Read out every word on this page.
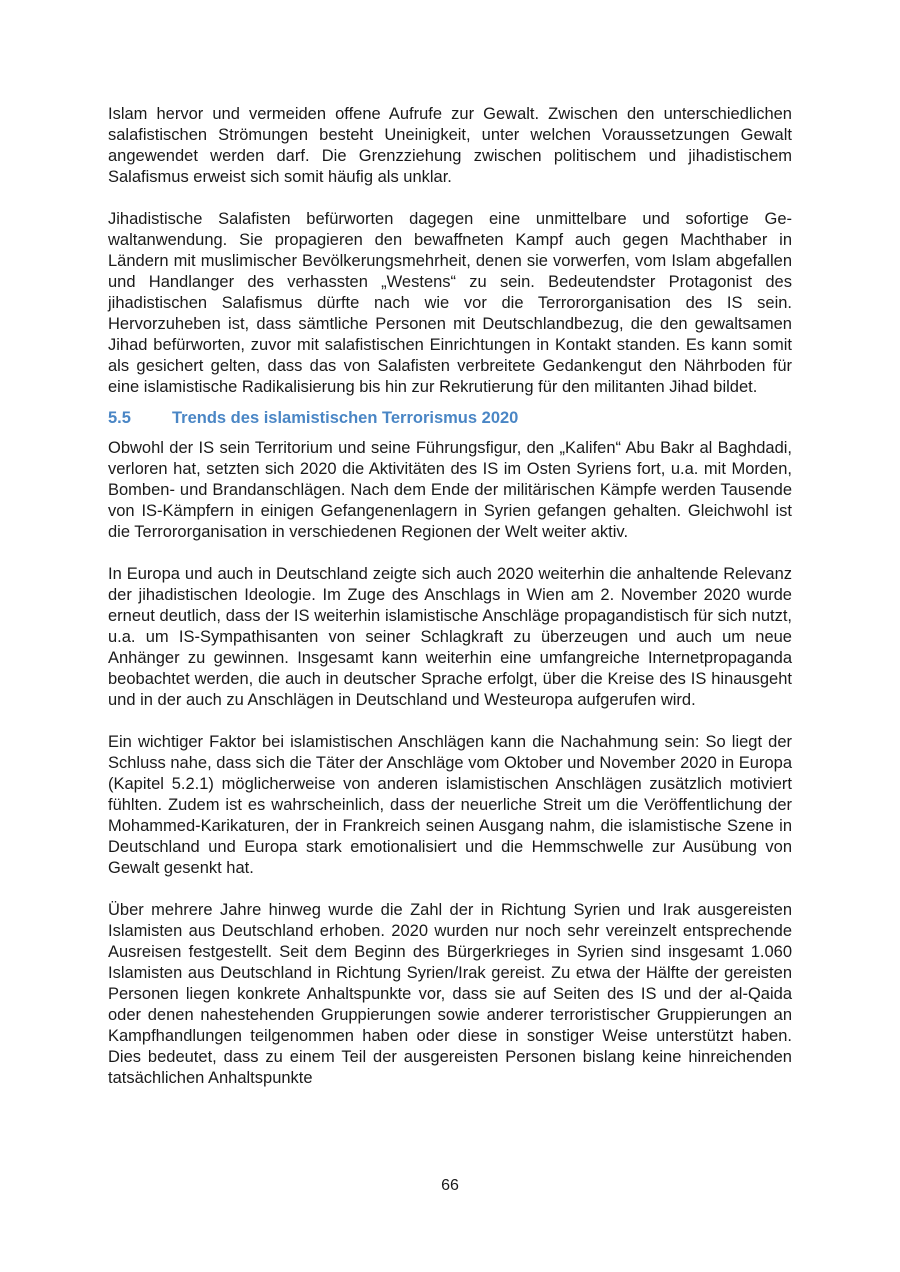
Islam hervor und vermeiden offene Aufrufe zur Gewalt. Zwischen den unterschiedlichen salafistischen Strömungen besteht Uneinigkeit, unter welchen Voraussetzungen Gewalt angewendet werden darf. Die Grenzziehung zwischen politischem und jihadistischem Salafismus erweist sich somit häufig als unklar.

Jihadistische Salafisten befürworten dagegen eine unmittelbare und sofortige Gewaltanwendung. Sie propagieren den bewaffneten Kampf auch gegen Machthaber in Ländern mit muslimischer Bevölkerungsmehrheit, denen sie vorwerfen, vom Islam abgefallen und Handlanger des verhassten „Westens“ zu sein. Bedeutendster Protagonist des jihadistischen Salafismus dürfte nach wie vor die Terrororganisation des IS sein. Hervorzuheben ist, dass sämtliche Personen mit Deutschlandbezug, die den gewaltsamen Jihad befürworten, zuvor mit salafistischen Einrichtungen in Kontakt standen. Es kann somit als gesichert gelten, dass das von Salafisten verbreitete Gedankengut den Nährboden für eine islamistische Radikalisierung bis hin zur Rekrutierung für den militanten Jihad bildet.

5.5	Trends des islamistischen Terrorismus 2020

Obwohl der IS sein Territorium und seine Führungsfigur, den „Kalifen“ Abu Bakr al Baghdadi, verloren hat, setzten sich 2020 die Aktivitäten des IS im Osten Syriens fort, u.a. mit Morden, Bomben- und Brandanschlägen. Nach dem Ende der militärischen Kämpfe werden Tausende von IS-Kämpfern in einigen Gefangenenlagern in Syrien gefangen gehalten. Gleichwohl ist die Terrororganisation in verschiedenen Regionen der Welt weiter aktiv.

In Europa und auch in Deutschland zeigte sich auch 2020 weiterhin die anhaltende Relevanz der jihadistischen Ideologie. Im Zuge des Anschlags in Wien am 2. November 2020 wurde erneut deutlich, dass der IS weiterhin islamistische Anschläge propagandistisch für sich nutzt, u.a. um IS-Sympathisanten von seiner Schlagkraft zu überzeugen und auch um neue Anhänger zu gewinnen. Insgesamt kann weiterhin eine umfangreiche Internetpropaganda beobachtet werden, die auch in deutscher Sprache erfolgt, über die Kreise des IS hinausgeht und in der auch zu Anschlägen in Deutschland und Westeuropa aufgerufen wird.

Ein wichtiger Faktor bei islamistischen Anschlägen kann die Nachahmung sein: So liegt der Schluss nahe, dass sich die Täter der Anschläge vom Oktober und November 2020 in Europa (Kapitel 5.2.1) möglicherweise von anderen islamistischen Anschlägen zusätzlich motiviert fühlten. Zudem ist es wahrscheinlich, dass der neuerliche Streit um die Veröffentlichung der Mohammed-Karikaturen, der in Frankreich seinen Ausgang nahm, die islamistische Szene in Deutschland und Europa stark emotionalisiert und die Hemmschwelle zur Ausübung von Gewalt gesenkt hat.

Über mehrere Jahre hinweg wurde die Zahl der in Richtung Syrien und Irak ausgereisten Islamisten aus Deutschland erhoben. 2020 wurden nur noch sehr vereinzelt entsprechende Ausreisen festgestellt. Seit dem Beginn des Bürgerkrieges in Syrien sind insgesamt 1.060 Islamisten aus Deutschland in Richtung Syrien/Irak gereist. Zu etwa der Hälfte der gereisten Personen liegen konkrete Anhaltspunkte vor, dass sie auf Seiten des IS und der al-Qaida oder denen nahestehenden Gruppierungen sowie anderer terroristischer Gruppierungen an Kampfhandlungen teilgenommen haben oder diese in sonstiger Weise unterstützt haben. Dies bedeutet, dass zu einem Teil der ausgereisten Personen bislang keine hinreichenden tatsächlichen Anhaltspunkte

66
